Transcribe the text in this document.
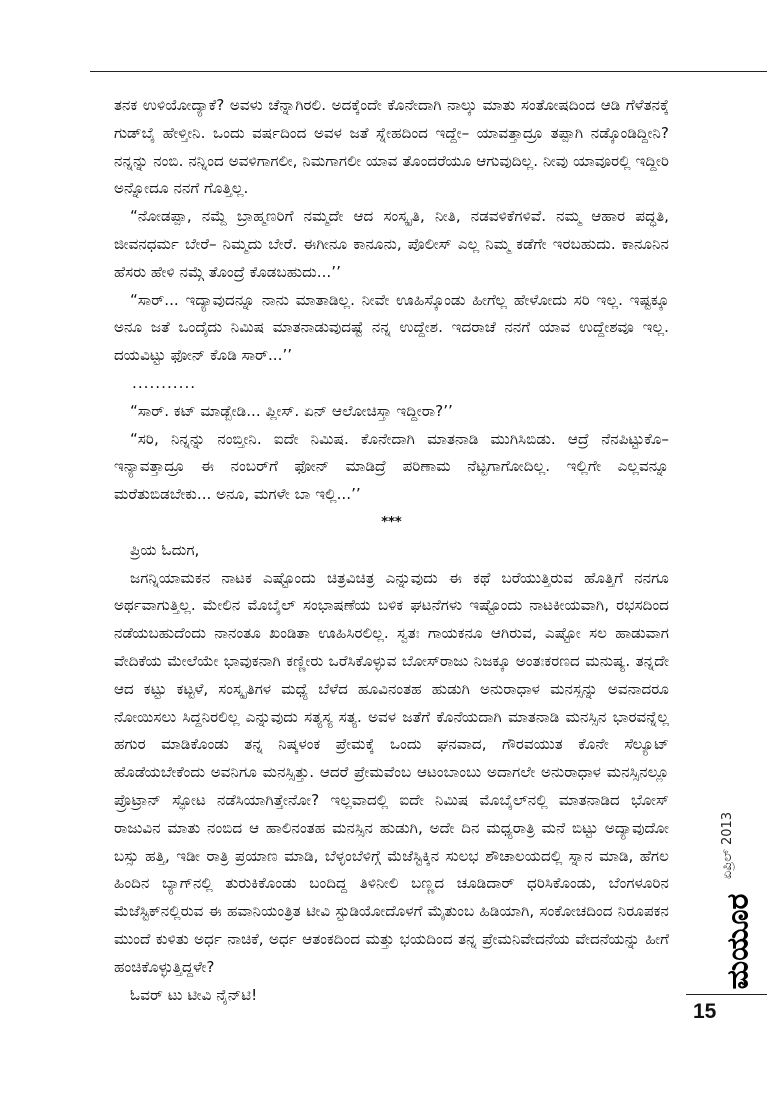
ತನಕ ಉಳಿಯೋದ್ಯಾಕೆ? ಅವಳು ಚೆನ್ನಾಗಿರಲಿ. ಅದಕ್ಕೆಂದೇ ಕೊನೇದಾಗಿ ನಾಲ್ಕು ಮಾತು ಸಂತೋಷದಿಂದ ಆಡಿ ಗೆಳೆತನಕ್ಕೆ ಗುಡ್‌ಬೈ ಹೇಳ್ತೀನಿ. ಒಂದು ವರ್ಷದಿಂದ ಅವಳ ಜತೆ ಸ್ನೇಹದಿಂದ ಇದ್ದೇ– ಯಾವತ್ತಾದ್ರೂ ತಪ್ಪಾಗಿ ನಡ್ಕೊಂಡಿದ್ದೀನಿ? ನನ್ನನ್ನು ನಂಬಿ. ನನ್ನಿಂದ ಅವಳಿಗಾಗಲೀ, ನಿಮಗಾಗಲೀ ಯಾವ ತೊಂದರೆಯೂ ಆಗುವುದಿಲ್ಲ. ನೀವು ಯಾವೂರಲ್ಲಿ ಇದ್ದೀರಿ ಅನ್ನೋದೂ ನನಗೆ ಗೊತ್ತಿಲ್ಲ.

“ನೋಡಪ್ಪಾ, ನಮ್ದೆ ಬ್ರಾಹ್ಮಣರಿಗೆ ನಮ್ಮದೇ ಆದ ಸಂಸ್ಕೃತಿ, ನೀತಿ, ನಡವಳಿಕೆಗಳಿವೆ. ನಮ್ಮ ಆಹಾರ ಪದ್ಧತಿ, ಜೀವನಧರ್ಮ ಬೇರೆ– ನಿಮ್ಮದು ಬೇರೆ. ಈಗೀನೂ ಕಾನೂನು, ಪೊಲೀಸ್ ಎಲ್ಲ ನಿಮ್ಮ ಕಡೆಗೇ ಇರಬಹುದು. ಕಾನೂನಿನ ಹೆಸರು ಹೇಳಿ ನಮ್ಗೆ ತೊಂದ್ರೆ ಕೊಡಬಹುದು...’’

“ಸಾರ್... ಇದ್ಯಾವುದನ್ನೂ ನಾನು ಮಾತಾಡಿಲ್ಲ. ನೀವೇ ಊಹಿಸ್ಕೊಂಡು ಹೀಗೆಲ್ಲ ಹೇಳೋದು ಸರಿ ಇಲ್ಲ. ಇಷ್ಟಕ್ಕೂ ಅನೂ ಜತೆ ಒಂದೈದು ನಿಮಿಷ ಮಾತನಾಡುವುದಷ್ಟೆ ನನ್ನ ಉದ್ದೇಶ. ಇದರಾಚೆ ನನಗೆ ಯಾವ ಉದ್ದೇಶವೂ ಇಲ್ಲ. ದಯವಿಟ್ಟು ಫೋನ್ ಕೊಡಿ ಸಾರ್...’’

...........

“ಸಾರ್. ಕಟ್ ಮಾಡ್ಬೇಡಿ... ಪ್ಲೀಸ್. ಏನ್ ಆಲೋಚಿಸ್ತಾ ಇದ್ದೀರಾ?’’

“ಸರಿ, ನಿನ್ನನ್ನು ನಂಬ್ತೀನಿ. ಐದೇ ನಿಮಿಷ. ಕೊನೇದಾಗಿ ಮಾತನಾಡಿ ಮುಗಿಸಿಬಿಡು. ಆದ್ರೆ ನೆನಪಿಟ್ಟುಕೊ– ಇನ್ಯಾವತ್ತಾದ್ರೂ ಈ ನಂಬರ್‌ಗೆ ಫೋನ್ ಮಾಡಿದ್ರೆ ಪರಿಣಾಮ ನೆಟ್ಟಗಾಗೋದಿಲ್ಲ. ಇಲ್ಲಿಗೇ ಎಲ್ಲವನ್ನೂ ಮರೆತುಬಿಡಬೇಕು... ಅನೂ, ಮಗಳೇ ಬಾ ಇಲ್ಲಿ...’’

***

ಪ್ರಿಯ ಓದುಗ,

ಜಗನ್ನಿಯಾಮಕನ ನಾಟಕ ಎಷ್ಟೊಂದು ಚಿತ್ರವಿಚಿತ್ರ ಎನ್ನುವುದು ಈ ಕಥೆ ಬರೆಯುತ್ತಿರುವ ಹೊತ್ತಿಗೆ ನನಗೂ ಅರ್ಥವಾಗುತ್ತಿಲ್ಲ. ಮೇಲಿನ ಮೊಬೈಲ್ ಸಂಭಾಷಣೆಯ ಬಳಿಕ ಘಟನೆಗಳು ಇಷ್ಟೊಂದು ನಾಟಕೀಯವಾಗಿ, ರಭಸದಿಂದ ನಡೆಯಬಹುದೆಂದು ನಾನಂತೂ ಖಂಡಿತಾ ಊಹಿಸಿರಲಿಲ್ಲ. ಸ್ವತಃ ಗಾಯಕನೂ ಆಗಿರುವ, ಎಷ್ಟೋ ಸಲ ಹಾಡುವಾಗ ವೇದಿಕೆಯ ಮೇಲೆಯೇ ಭಾವುಕನಾಗಿ ಕಣ್ಣೀರು ಒರೆಸಿಕೊಳ್ಳುವ ಬೋಸ್‌ರಾಜು ನಿಜಕ್ಕೂ ಅಂತಃಕರಣದ ಮನುಷ್ಯ. ತನ್ನದೇ ಆದ ಕಟ್ಟು ಕಟ್ಟಳೆ, ಸಂಸ್ಕೃತಿಗಳ ಮಧ್ಯೆ ಬೆಳೆದ ಹೂವಿನಂತಹ ಹುಡುಗಿ ಅನುರಾಧಾಳ ಮನಸ್ಸನ್ನು ಅವನಾದರೂ ನೋಯಿಸಲು ಸಿದ್ದನಿರಲಿಲ್ಲ ಎನ್ನುವುದು ಸತ್ಯಸ್ಯ ಸತ್ಯ. ಅವಳ ಜತೆಗೆ ಕೊನೆಯದಾಗಿ ಮಾತನಾಡಿ ಮನಸ್ಸಿನ ಭಾರವನ್ನೆಲ್ಲ ಹಗುರ ಮಾಡಿಕೊಂಡು ತನ್ನ ನಿಷ್ಕಳಂಕ ಪ್ರೇಮಕ್ಕೆ ಒಂದು ಘನವಾದ, ಗೌರವಯುತ ಕೊನೇ ಸೆಲ್ಯೂಟ್ ಹೊಡೆಯಬೇಕೆಂದು ಅವನಿಗೂ ಮನಸ್ಸಿತ್ತು. ಆದರೆ ಪ್ರೇಮವೆಂಬ ಆಟಂಬಾಂಬು ಅದಾಗಲೇ ಅನುರಾಧಾಳ ಮನಸ್ಸಿನಲ್ಲೂ ಪ್ರೊಟ್ರಾನ್ ಸ್ಫೋಟ ನಡೆಸಿಯಾಗಿತ್ತೇನೋ? ಇಲ್ಲವಾದಲ್ಲಿ ಐದೇ ನಿಮಿಷ ಮೊಬೈಲ್‌ನಲ್ಲಿ ಮಾತನಾಡಿದ ಭೋಸ್ ರಾಜುವಿನ ಮಾತು ನಂಬಿದ ಆ ಹಾಲಿನಂತಹ ಮನಸ್ಸಿನ ಹುಡುಗಿ, ಅದೇ ದಿನ ಮಧ್ಯರಾತ್ರಿ ಮನೆ ಬಿಟ್ಟು ಅದ್ಯಾವುದೋ ಬಸ್ಸು ಹತ್ತಿ, ಇಡೀ ರಾತ್ರಿ ಪ್ರಯಾಣ ಮಾಡಿ, ಬೆಳ್ಳಂಬೆಳಿಗ್ಗೆ ಮೆಜೆಸ್ಟಿಕ್ಕಿನ ಸುಲಭ ಶೌಚಾಲಯದಲ್ಲಿ ಸ್ನಾನ ಮಾಡಿ, ಹೆಗಲ ಹಿಂದಿನ ಬ್ಯಾಗ್‌ನಲ್ಲಿ ತುರುಕಿಕೊಂಡು ಬಂದಿದ್ದ ತಿಳಿನೀಲಿ ಬಣ್ಣದ ಚೂಡಿದಾರ್ ಧರಿಸಿಕೊಂಡು, ಬೆಂಗಳೂರಿನ ಮೆಜೆಸ್ಟಿಕ್‌ನಲ್ಲಿರುವ ಈ ಹವಾನಿಯಂತ್ರಿತ ಟೀವಿ ಸ್ಟುಡಿಯೋದೊಳಗೆ ಮೈತುಂಬ ಹಿಡಿಯಾಗಿ, ಸಂಕೋಚದಿಂದ ನಿರೂಪಕನ ಮುಂದೆ ಕುಳಿತು ಅರ್ಧ ನಾಚಿಕೆ, ಅರ್ಧ ಆತಂಕದಿಂದ ಮತ್ತು ಭಯದಿಂದ ತನ್ನ ಪ್ರೇಮನಿವೇದನೆಯ ವೇದನೆಯನ್ನು ಹೀಗೆ ಹಂಚಿಕೊಳ್ಳುತ್ತಿದ್ದಳೇ?

ಓವರ್ ಟು ಟೀವಿ ನೈನ್‌ಟಿ!

ಏಪ್ರಿಲ್ 2013
ಮಯೂರ
15
